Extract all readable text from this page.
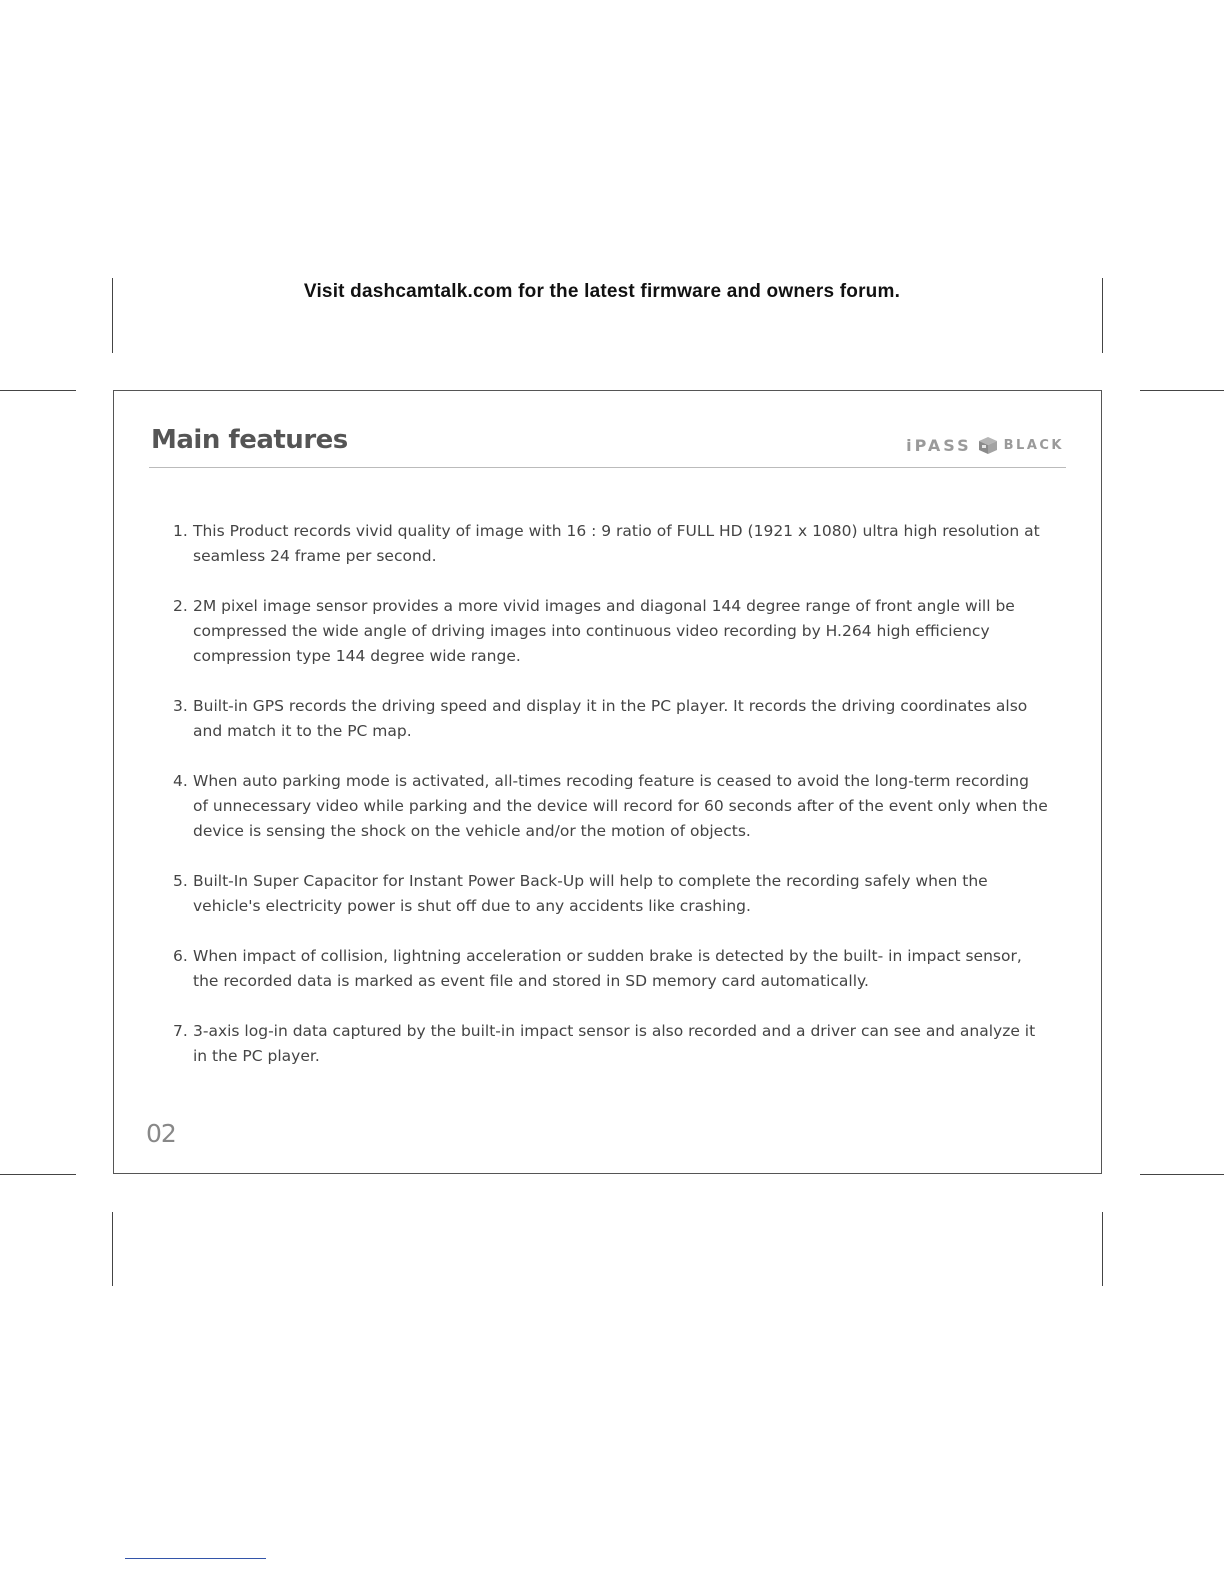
Visit dashcamtalk.com for the latest firmware and owners forum.
Main features	iPASS BLACK
1. This Product records vivid quality of image with 16 : 9 ratio of FULL HD (1921 x 1080) ultra high resolution at seamless 24 frame per second.
2. 2M pixel image sensor provides a more vivid images and diagonal 144 degree range of front angle will be compressed the wide angle of driving images into continuous video recording by H.264 high efficiency compression type 144 degree wide range.
3. Built-in GPS records the driving speed and display it in the PC player. It records the driving coordinates also and match it to the PC map.
4. When auto parking mode is activated, all-times recoding feature is ceased to avoid the long-term recording of unnecessary video while parking and the device will record for 60 seconds after of the event only when the device is sensing the shock on the vehicle and/or the motion of objects.
5. Built-In Super Capacitor for Instant Power Back-Up will help to complete the recording safely when the vehicle's electricity power is shut off due to any accidents like crashing.
6. When impact of collision, lightning acceleration or sudden brake is detected by the built- in impact sensor, the recorded data is marked as event file and stored in SD memory card automatically.
7. 3-axis log-in data captured by the built-in impact sensor is also recorded and a driver can see and analyze it in the PC player.
02
